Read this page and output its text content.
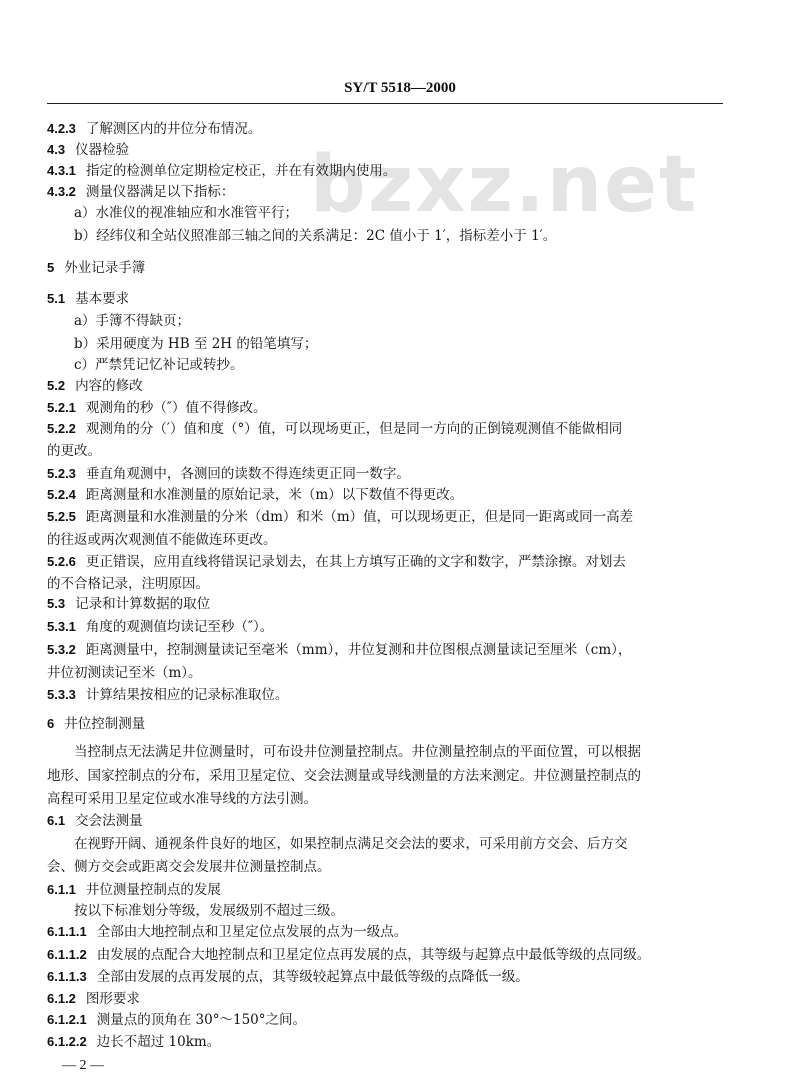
SY/T 5518—2000
bzxz.net
4.2.3 了解测区内的井位分布情况。
4.3 仪器检验
4.3.1 指定的检测单位定期检定校正，并在有效期内使用。
4.3.2 测量仪器满足以下指标：
a）水准仪的视准轴应和水准管平行；
b）经纬仪和全站仪照准部三轴之间的关系满足：2C 值小于 1′，指标差小于 1′。
5 外业记录手簿
5.1 基本要求
a）手簿不得缺页；
b）采用硬度为 HB 至 2H 的铅笔填写；
c）严禁凭记忆补记或转抄。
5.2 内容的修改
5.2.1 观测角的秒（″）值不得修改。
5.2.2 观测角的分（′）值和度（°）值，可以现场更正，但是同一方向的正倒镜观测值不能做相同
的更改。
5.2.3 垂直角观测中，各测回的读数不得连续更正同一数字。
5.2.4 距离测量和水准测量的原始记录，米（m）以下数值不得更改。
5.2.5 距离测量和水准测量的分米（dm）和米（m）值，可以现场更正，但是同一距离或同一高差
的往返或两次观测值不能做连环更改。
5.2.6 更正错误，应用直线将错误记录划去，在其上方填写正确的文字和数字，严禁涂擦。对划去
的不合格记录，注明原因。
5.3 记录和计算数据的取位
5.3.1 角度的观测值均读记至秒（″）。
5.3.2 距离测量中，控制测量读记至毫米（mm），井位复测和井位图根点测量读记至厘米（cm），
井位初测读记至米（m）。
5.3.3 计算结果按相应的记录标准取位。
6 井位控制测量
当控制点无法满足井位测量时，可布设井位测量控制点。井位测量控制点的平面位置，可以根据
地形、国家控制点的分布，采用卫星定位、交会法测量或导线测量的方法来测定。井位测量控制点的
高程可采用卫星定位或水准导线的方法引测。
6.1 交会法测量
在视野开阔、通视条件良好的地区，如果控制点满足交会法的要求，可采用前方交会、后方交
会、侧方交会或距离交会发展井位测量控制点。
6.1.1 井位测量控制点的发展
按以下标准划分等级，发展级别不超过三级。
6.1.1.1 全部由大地控制点和卫星定位点发展的点为一级点。
6.1.1.2 由发展的点配合大地控制点和卫星定位点再发展的点，其等级与起算点中最低等级的点同级。
6.1.1.3 全部由发展的点再发展的点，其等级较起算点中最低等级的点降低一级。
6.1.2 图形要求
6.1.2.1 测量点的顶角在 30°～150°之间。
6.1.2.2 边长不超过 10km。
— 2 —
